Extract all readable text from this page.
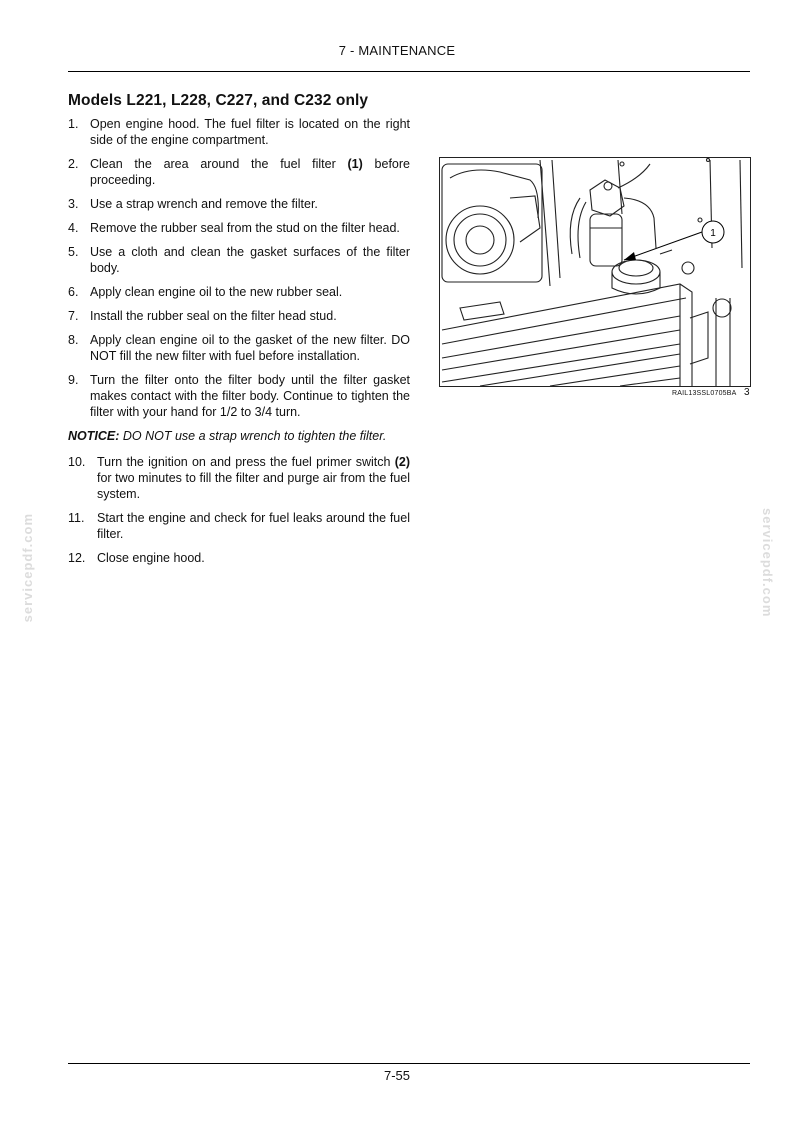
7 - MAINTENANCE
Models L221, L228, C227, and C232 only
1. Open engine hood. The fuel filter is located on the right side of the engine compartment.
2. Clean the area around the fuel filter (1) before proceeding.
3. Use a strap wrench and remove the filter.
4. Remove the rubber seal from the stud on the filter head.
5. Use a cloth and clean the gasket surfaces of the filter body.
6. Apply clean engine oil to the new rubber seal.
7. Install the rubber seal on the filter head stud.
8. Apply clean engine oil to the gasket of the new filter. DO NOT fill the new filter with fuel before installation.
9. Turn the filter onto the filter body until the filter gasket makes contact with the filter body. Continue to tighten the filter with your hand for 1/2 to 3/4 turn.

NOTICE: DO NOT use a strap wrench to tighten the filter.

10. Turn the ignition on and press the fuel primer switch (2) for two minutes to fill the filter and purge air from the fuel system.
11.	Start the engine and check for fuel leaks around the fuel filter.
12. Close engine hood.
1
RAIL13SSL0705BA 3
servicepdf.com	servicepdf.com
7-55
